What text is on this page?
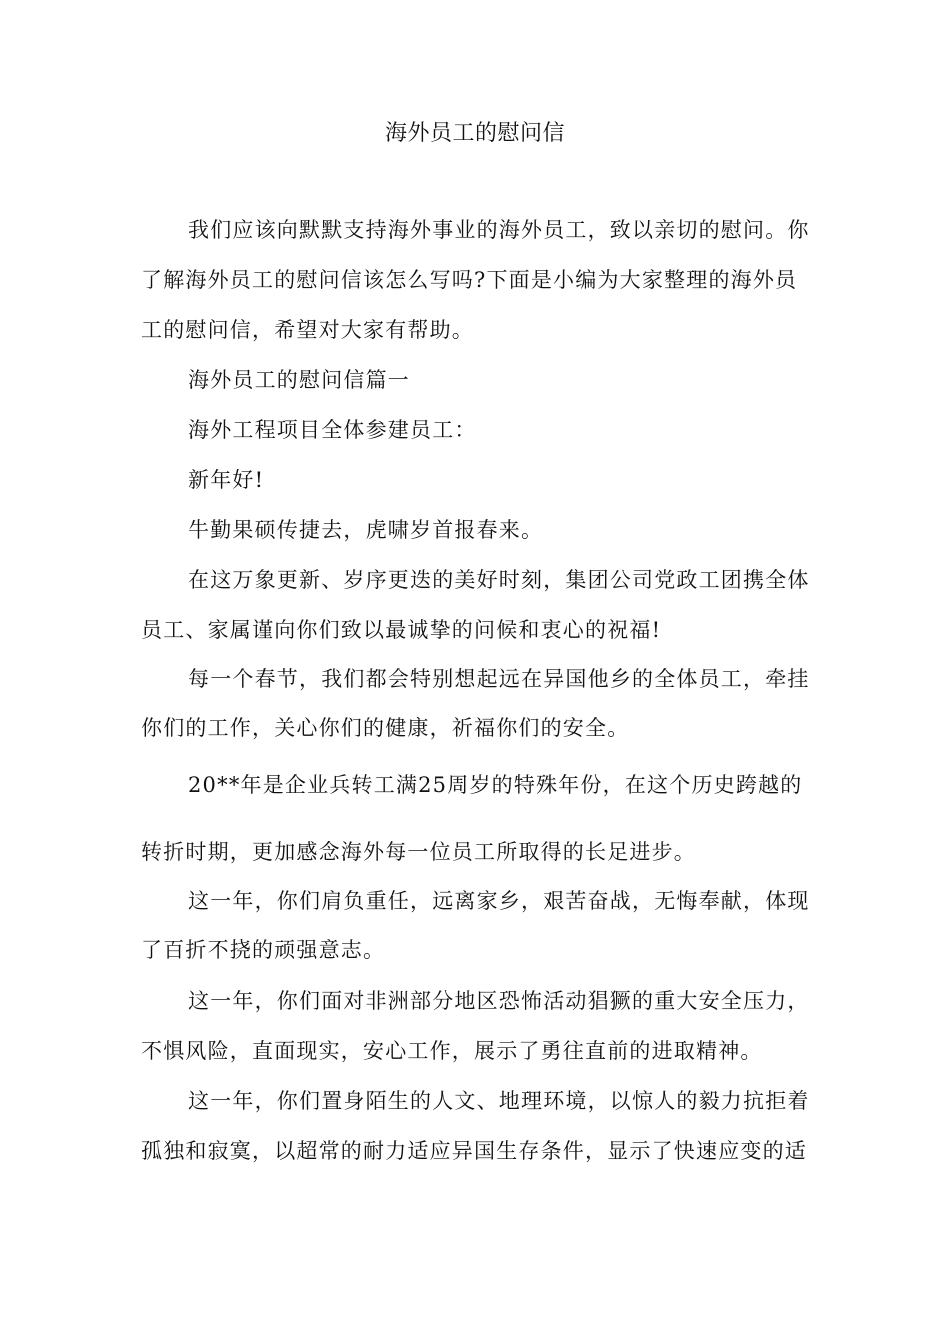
海外员工的慰问信
我们应该向默默支持海外事业的海外员工，致以亲切的慰问。你
了解海外员工的慰问信该怎么写吗?下面是小编为大家整理的海外员
工的慰问信，希望对大家有帮助。
海外员工的慰问信篇一
海外工程项目全体参建员工：
新年好!
牛勤果硕传捷去，虎啸岁首报春来。
在这万象更新、岁序更迭的美好时刻，集团公司党政工团携全体
员工、家属谨向你们致以最诚挚的问候和衷心的祝福!
每一个春节，我们都会特别想起远在异国他乡的全体员工，牵挂
你们的工作，关心你们的健康，祈福你们的安全。
20**年是企业兵转工满25周岁的特殊年份，在这个历史跨越的
转折时期，更加感念海外每一位员工所取得的长足进步。
这一年，你们肩负重任，远离家乡，艰苦奋战，无悔奉献，体现
了百折不挠的顽强意志。
这一年，你们面对非洲部分地区恐怖活动猖獗的重大安全压力，
不惧风险，直面现实，安心工作，展示了勇往直前的进取精神。
这一年，你们置身陌生的人文、地理环境，以惊人的毅力抗拒着
孤独和寂寞，以超常的耐力适应异国生存条件，显示了快速应变的适
